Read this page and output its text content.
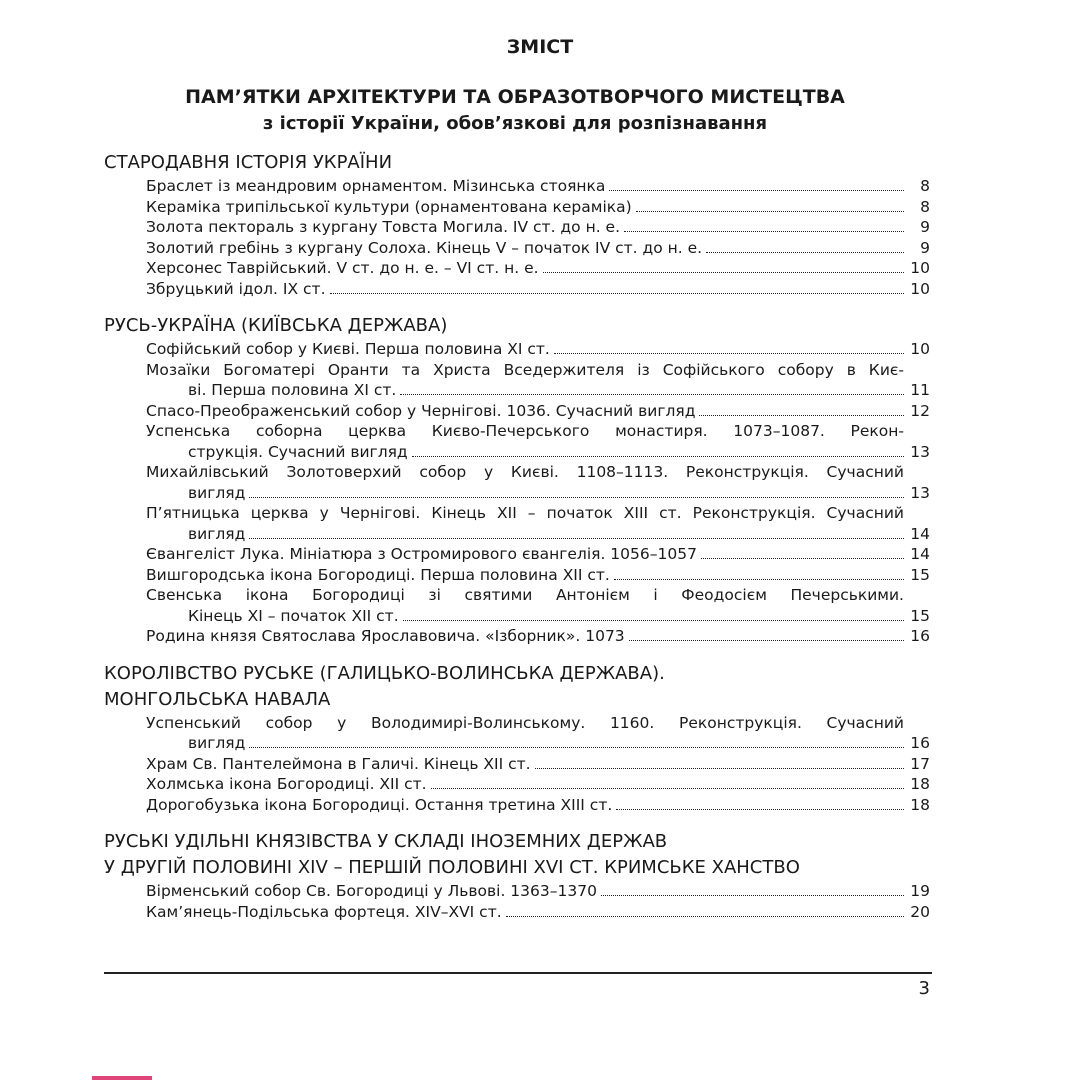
ЗМІСТ
ПАМ’ЯТКИ АРХІТЕКТУРИ ТА ОБРАЗОТВОРЧОГО МИСТЕЦТВА
з історії України, обов’язкові для розпізнавання
СТАРОДАВНЯ ІСТОРІЯ УКРАЇНИ
Браслет із меандровим орнаментом. Мізинська стоянка	8
Кераміка трипільської культури (орнаментована кераміка)	8
Золота пектораль з кургану Товста Могила. IV ст. до н. е.	9
Золотий гребінь з кургану Солоха. Кінець V – початок IV ст. до н. е.	9
Херсонес Таврійський. V ст. до н. е. – VI ст. н. е.	10
Збруцький ідол. IX ст.	10
РУСЬ-УКРАЇНА (КИЇВСЬКА ДЕРЖАВА)
Софійський собор у Києві. Перша половина XI ст.	10
Мозаїки Богоматері Оранти та Христа Вседержителя із Софійського собору в Киє-
ві. Перша половина XI ст.	11
Спасо-Преображенський собор у Чернігові. 1036. Сучасний вигляд	12
Успенська соборна церква Києво-Печерського монастиря. 1073–1087. Рекон-
струкція. Сучасний вигляд	13
Михайлівський Золотоверхий собор у Києві. 1108–1113. Реконструкція. Сучасний
вигляд	13
П’ятницька церква у Чернігові. Кінець XII – початок XIII ст. Реконструкція. Сучасний
вигляд	14
Євангеліст Лука. Мініатюра з Остромирового євангелія. 1056–1057	14
Вишгородська ікона Богородиці. Перша половина XII ст.	15
Свенська ікона Богородиці зі святими Антонієм і Феодосієм Печерськими.
Кінець XI – початок XII ст.	15
Родина князя Святослава Ярославовича. «Ізборник». 1073	16
КОРОЛІВСТВО РУСЬКЕ (ГАЛИЦЬКО-ВОЛИНСЬКА ДЕРЖАВА).
МОНГОЛЬСЬКА НАВАЛА
Успенський собор у Володимирі-Волинському. 1160. Реконструкція. Сучасний
вигляд	16
Храм Св. Пантелеймона в Галичі. Кінець XII ст.	17
Холмська ікона Богородиці. XII ст.	18
Дорогобузька ікона Богородиці. Остання третина XIII ст.	18
РУСЬКІ УДІЛЬНІ КНЯЗІВСТВА У СКЛАДІ ІНОЗЕМНИХ ДЕРЖАВ
У ДРУГІЙ ПОЛОВИНІ XIV – ПЕРШІЙ ПОЛОВИНІ XVI СТ. КРИМСЬКЕ ХАНСТВО
Вірменський собор Св. Богородиці у Львові. 1363–1370	19
Кам’янець-Подільська фортеця. XIV–XVI ст.	20
3
